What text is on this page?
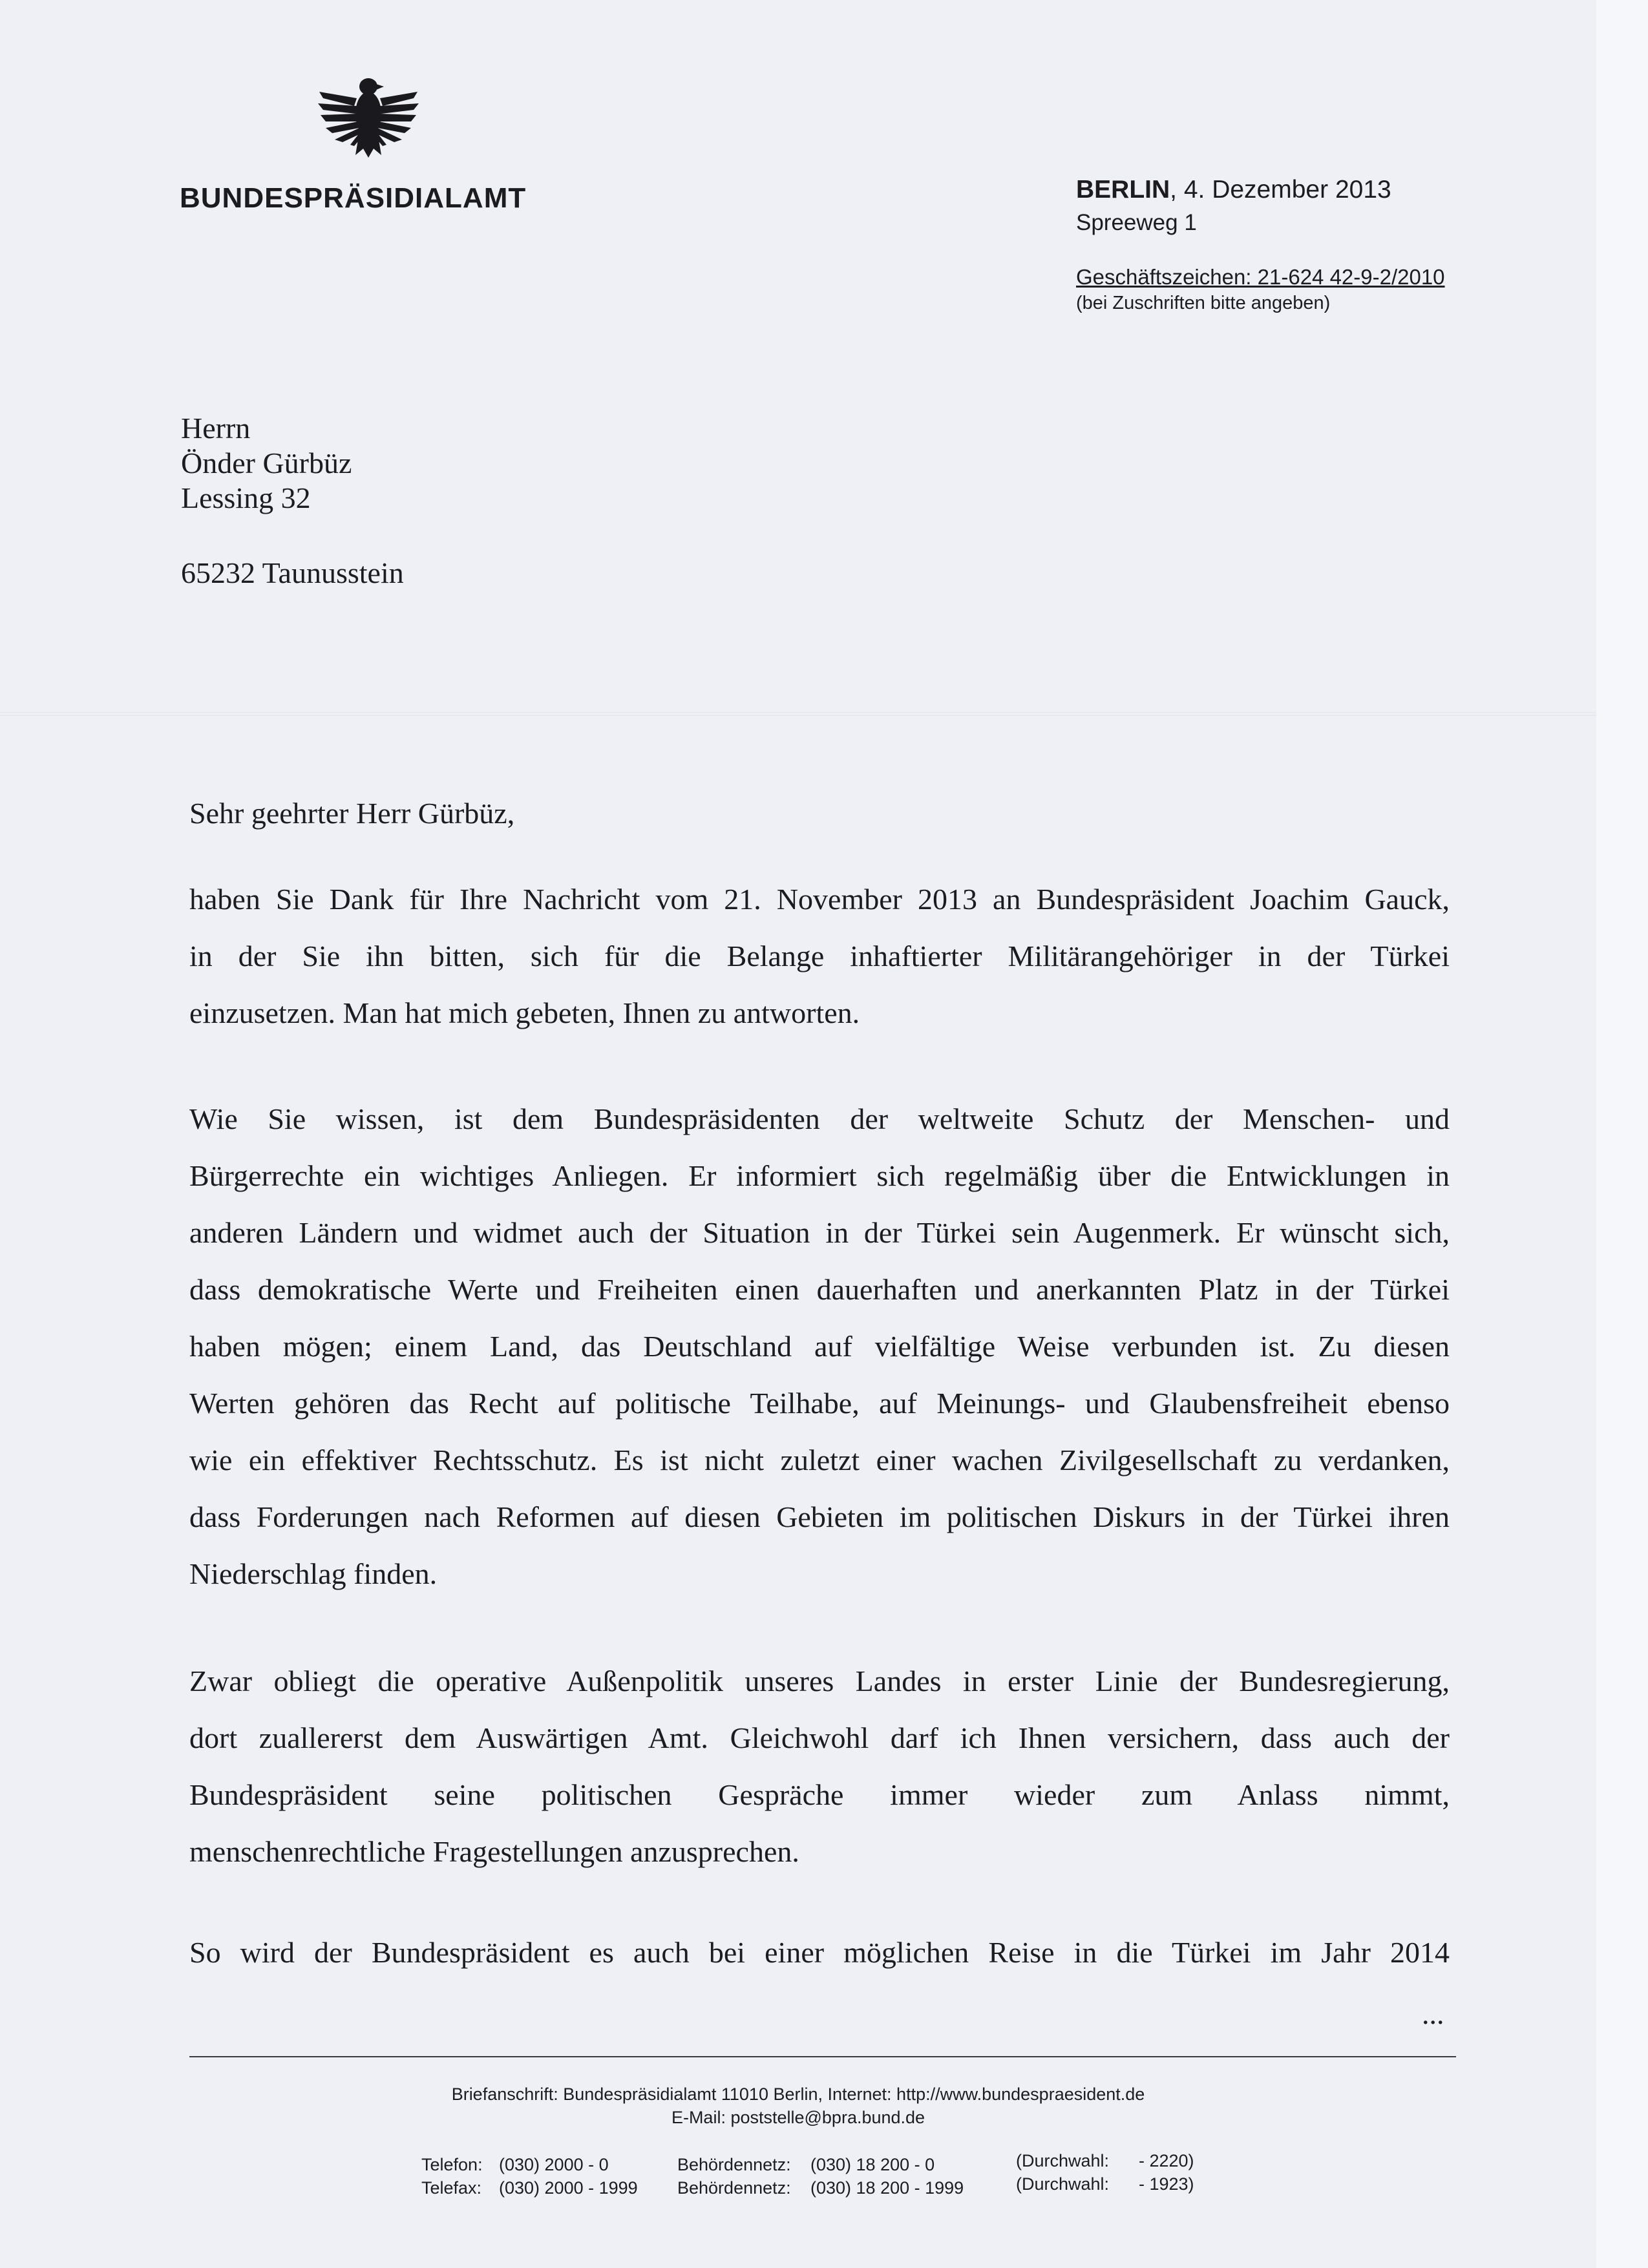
BUNDESPRÄSIDIALAMT	BERLIN, 4. Dezember 2013
Spreeweg 1
Geschäftszeichen: 21-624 42-9-2/2010
(bei Zuschriften bitte angeben)
Herrn
Önder Gürbüz
Lessing 32
65232 Taunusstein
Sehr geehrter Herr Gürbüz,
haben Sie Dank für Ihre Nachricht vom 21. November 2013 an Bundespräsident Joachim Gauck,
in der Sie ihn bitten, sich für die Belange inhaftierter Militärangehöriger in der Türkei
einzusetzen. Man hat mich gebeten, Ihnen zu antworten.
Wie Sie wissen, ist dem Bundespräsidenten der weltweite Schutz der Menschen- und
Bürgerrechte ein wichtiges Anliegen. Er informiert sich regelmäßig über die Entwicklungen in
anderen Ländern und widmet auch der Situation in der Türkei sein Augenmerk. Er wünscht sich,
dass demokratische Werte und Freiheiten einen dauerhaften und anerkannten Platz in der Türkei
haben mögen; einem Land, das Deutschland auf vielfältige Weise verbunden ist. Zu diesen
Werten gehören das Recht auf politische Teilhabe, auf Meinungs- und Glaubensfreiheit ebenso
wie ein effektiver Rechtsschutz. Es ist nicht zuletzt einer wachen Zivilgesellschaft zu verdanken,
dass Forderungen nach Reformen auf diesen Gebieten im politischen Diskurs in der Türkei ihren
Niederschlag finden.
Zwar obliegt die operative Außenpolitik unseres Landes in erster Linie der Bundesregierung,
dort zuallererst dem Auswärtigen Amt. Gleichwohl darf ich Ihnen versichern, dass auch der
Bundespräsident seine politischen Gespräche immer wieder zum Anlass nimmt,
menschenrechtliche Fragestellungen anzusprechen.
So wird der Bundespräsident es auch bei einer möglichen Reise in die Türkei im Jahr 2014
...
Briefanschrift: Bundespräsidialamt 11010 Berlin, Internet: http://www.bundespraesident.de
E-Mail: poststelle@bpra.bund.de
Telefon:
Telefax:
(030) 2000 - 0
(030) 2000 - 1999
Behördennetz:
Behördennetz:
(030) 18 200 - 0
(030) 18 200 - 1999
(Durchwahl:
(Durchwahl:
- 2220)
- 1923)
